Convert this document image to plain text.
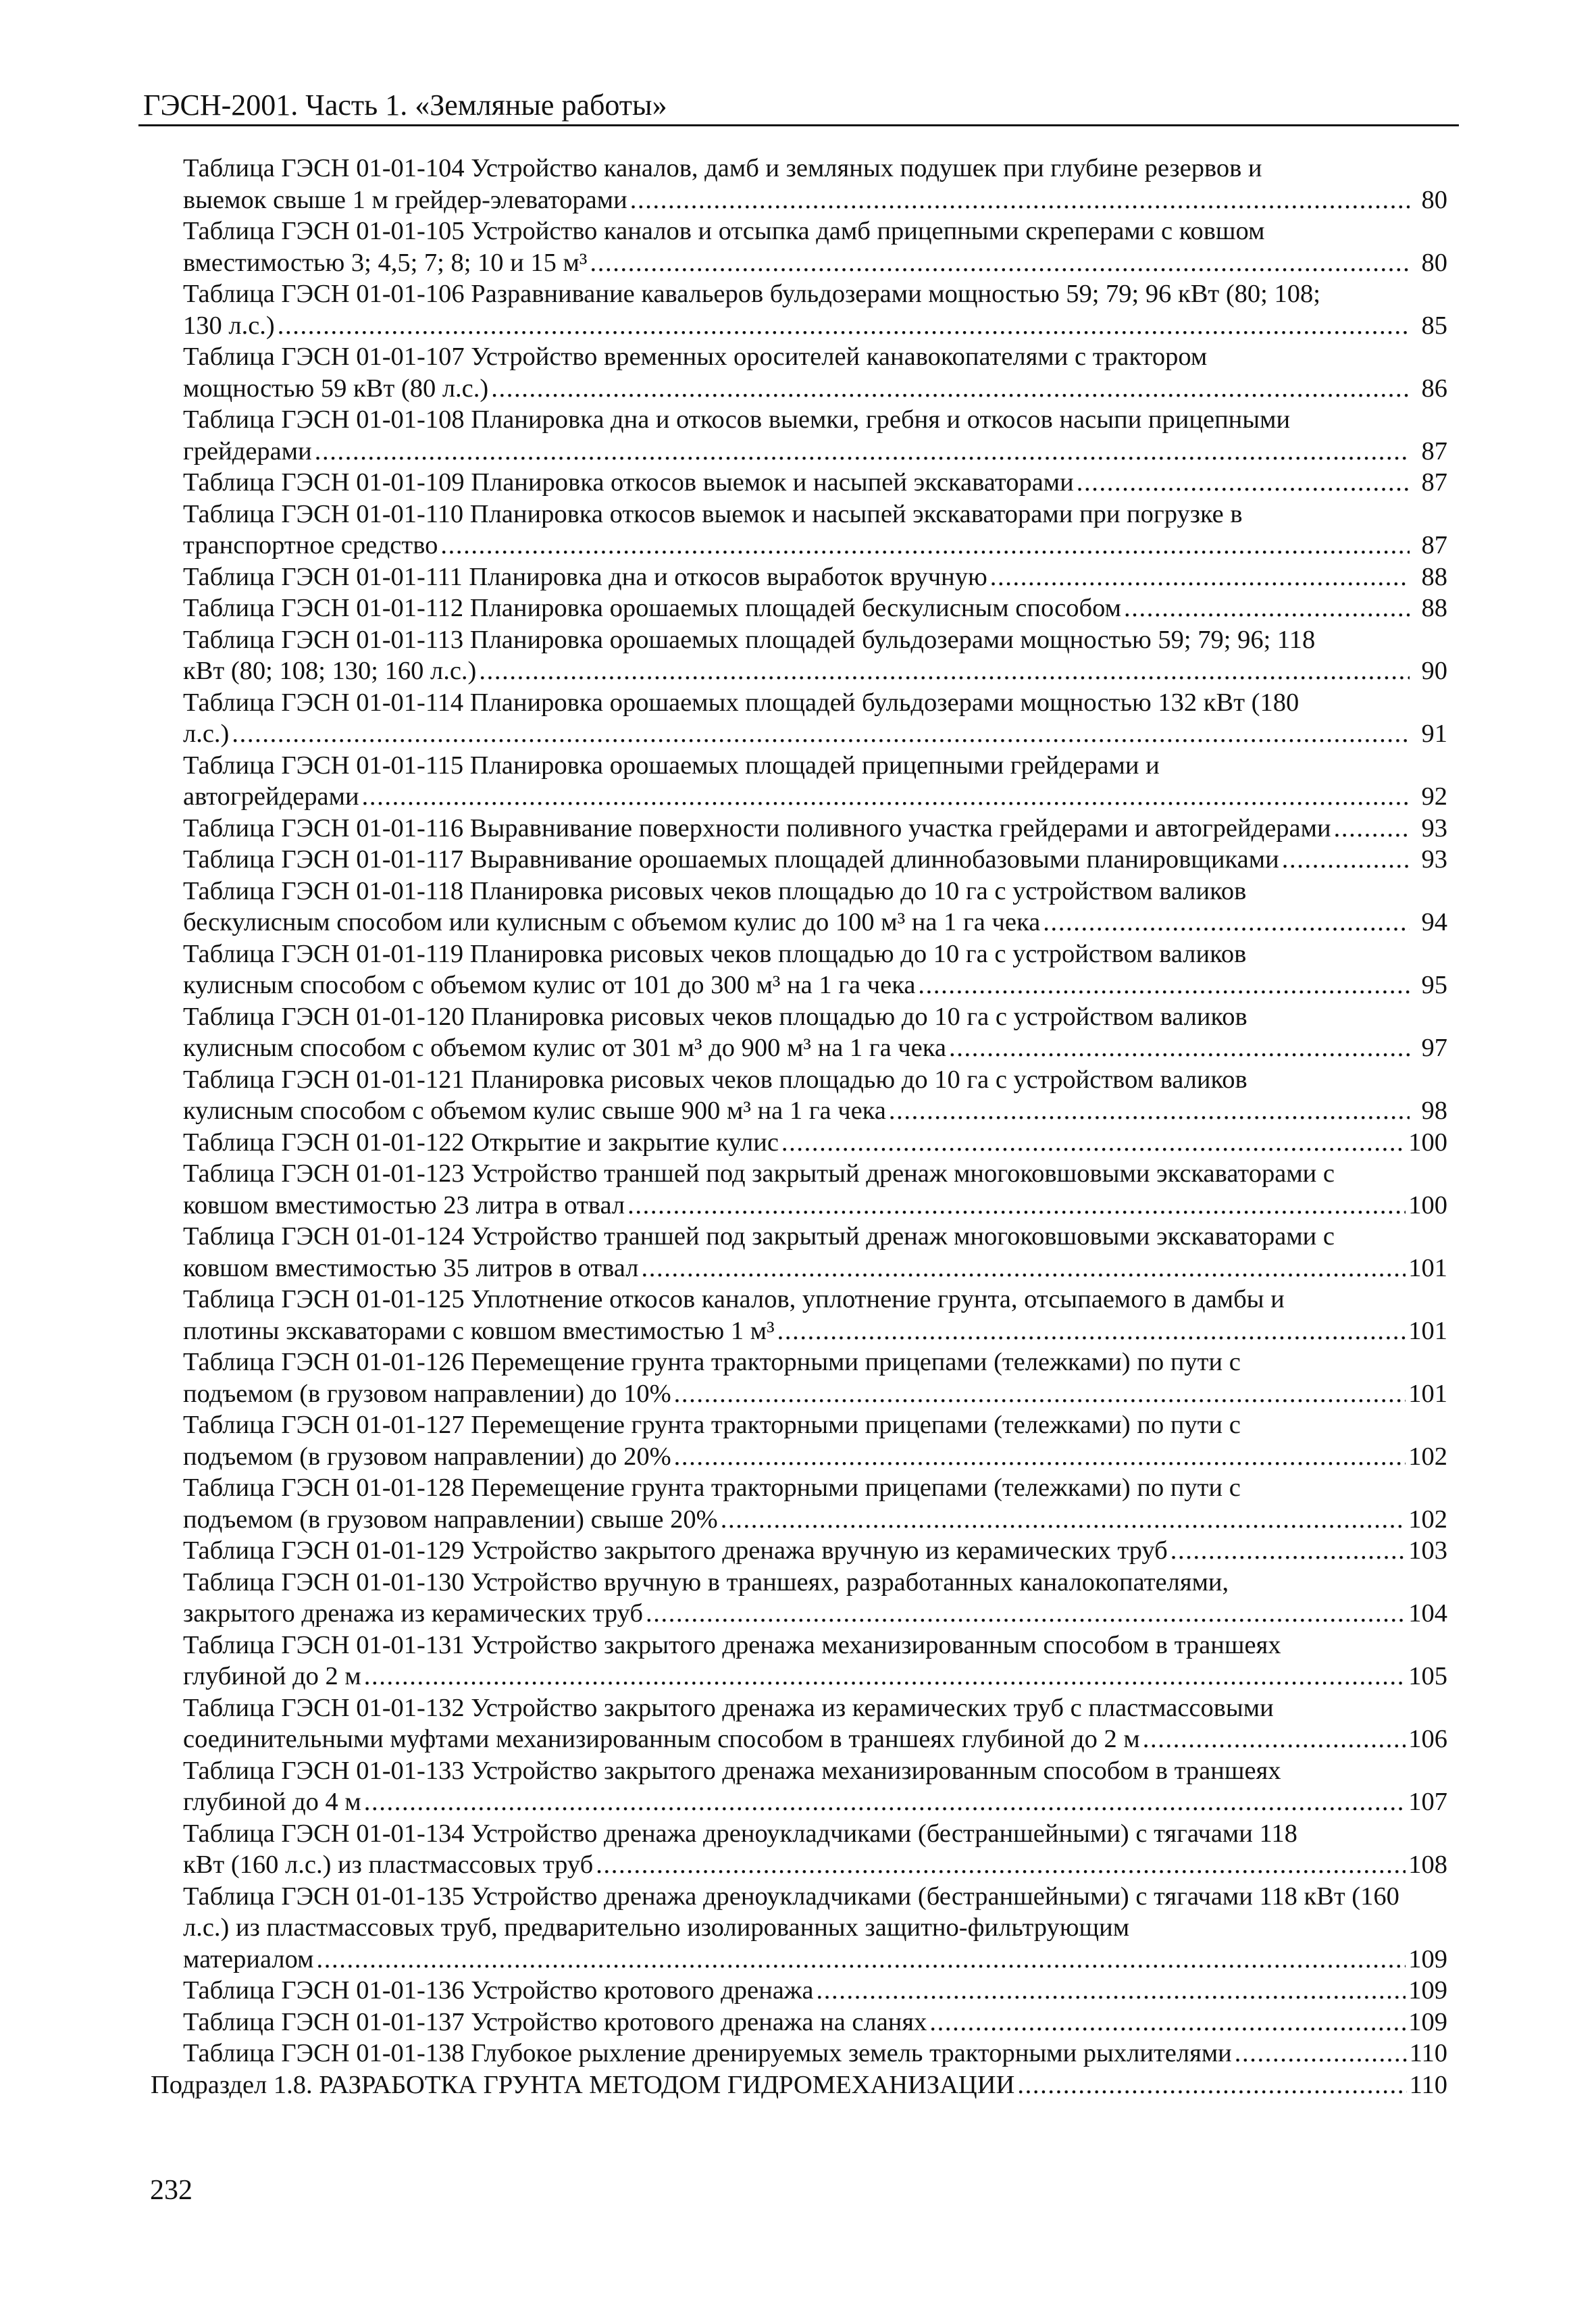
ГЭСН-2001. Часть 1. «Земляные работы»
Таблица ГЭСН 01-01-104 Устройство каналов, дамб и земляных подушек при глубине резервов и
выемок свыше 1 м грейдер-элеваторами . . .	80
Таблица ГЭСН 01-01-105 Устройство каналов и отсыпка дамб прицепными скреперами с ковшом
вместимостью 3; 4,5; 7; 8; 10 и 15 м³ . . .	80
Таблица ГЭСН 01-01-106 Разравнивание кавальеров бульдозерами мощностью 59; 79; 96 кВт (80; 108;
130 л.с.) . . .	85
Таблица ГЭСН 01-01-107 Устройство временных оросителей канавокопателями с трактором
мощностью 59 кВт (80 л.с.) . . .	86
Таблица ГЭСН 01-01-108 Планировка дна и откосов выемки, гребня и откосов насыпи прицепными
грейдерами . . .	87
Таблица ГЭСН 01-01-109 Планировка откосов выемок и насыпей экскаваторами . . .	87
Таблица ГЭСН 01-01-110 Планировка откосов выемок и насыпей экскаваторами при погрузке в
транспортное средство . . .	87
Таблица ГЭСН 01-01-111 Планировка дна и откосов выработок вручную . . .	88
Таблица ГЭСН 01-01-112 Планировка орошаемых площадей бескулисным способом . . .	88
Таблица ГЭСН 01-01-113 Планировка орошаемых площадей бульдозерами мощностью 59; 79; 96; 118
кВт (80; 108; 130; 160 л.с.) . . .	90
Таблица ГЭСН 01-01-114 Планировка орошаемых площадей бульдозерами мощностью 132 кВт (180
л.с.) . . .	91
Таблица ГЭСН 01-01-115 Планировка орошаемых площадей прицепными грейдерами и
автогрейдерами . . .	92
Таблица ГЭСН 01-01-116 Выравнивание поверхности поливного участка грейдерами и автогрейдерами . . .	93
Таблица ГЭСН 01-01-117 Выравнивание орошаемых площадей длиннобазовыми планировщиками . . .	93
Таблица ГЭСН 01-01-118 Планировка рисовых чеков площадью до 10 га с устройством валиков
бескулисным способом или кулисным с объемом кулис до 100 м³ на 1 га чека . . .	94
Таблица ГЭСН 01-01-119 Планировка рисовых чеков площадью до 10 га с устройством валиков
кулисным способом с объемом кулис от 101 до 300 м³ на 1 га чека . . .	95
Таблица ГЭСН 01-01-120 Планировка рисовых чеков площадью до 10 га с устройством валиков
кулисным способом с объемом кулис от 301 м³ до 900 м³ на 1 га чека . . .	97
Таблица ГЭСН 01-01-121 Планировка рисовых чеков площадью до 10 га с устройством валиков
кулисным способом с объемом кулис свыше 900 м³ на 1 га чека . . .	98
Таблица ГЭСН 01-01-122 Открытие и закрытие кулис . . .	100
Таблица ГЭСН 01-01-123 Устройство траншей под закрытый дренаж многоковшовыми экскаваторами с
ковшом вместимостью 23 литра в отвал . . .	100
Таблица ГЭСН 01-01-124 Устройство траншей под закрытый дренаж многоковшовыми экскаваторами с
ковшом вместимостью 35 литров в отвал . . .	101
Таблица ГЭСН 01-01-125 Уплотнение откосов каналов, уплотнение грунта, отсыпаемого в дамбы и
плотины экскаваторами с ковшом вместимостью 1 м³ . . .	101
Таблица ГЭСН 01-01-126 Перемещение грунта тракторными прицепами (тележками) по пути с
подъемом (в грузовом направлении) до 10% . . .	101
Таблица ГЭСН 01-01-127 Перемещение грунта тракторными прицепами (тележками) по пути с
подъемом (в грузовом направлении) до 20% . . .	102
Таблица ГЭСН 01-01-128 Перемещение грунта тракторными прицепами (тележками) по пути с
подъемом (в грузовом направлении) свыше 20% . . .	102
Таблица ГЭСН 01-01-129 Устройство закрытого дренажа вручную из керамических труб . . .	103
Таблица ГЭСН 01-01-130 Устройство вручную в траншеях, разработанных каналокопателями,
закрытого дренажа из керамических труб . . .	104
Таблица ГЭСН 01-01-131 Устройство закрытого дренажа механизированным способом в траншеях
глубиной до 2 м . . .	105
Таблица ГЭСН 01-01-132 Устройство закрытого дренажа из керамических труб с пластмассовыми
соединительными муфтами механизированным способом в траншеях глубиной до 2 м . . .	106
Таблица ГЭСН 01-01-133 Устройство закрытого дренажа механизированным способом в траншеях
глубиной до 4 м . . .	107
Таблица ГЭСН 01-01-134 Устройство дренажа дреноукладчиками (бестраншейными) с тягачами 118
кВт (160 л.с.) из пластмассовых труб . . .	108
Таблица ГЭСН 01-01-135 Устройство дренажа дреноукладчиками (бестраншейными) с тягачами 118 кВт (160 л.с.) из пластмассовых труб, предварительно изолированных защитно-фильтрующим
материалом . . .	109
Таблица ГЭСН 01-01-136 Устройство кротового дренажа . . .	109
Таблица ГЭСН 01-01-137 Устройство кротового дренажа на сланях . . .	109
Таблица ГЭСН 01-01-138 Глубокое рыхление дренируемых земель тракторными рыхлителями . . .	110
Подраздел 1.8. РАЗРАБОТКА ГРУНТА МЕТОДОМ ГИДРОМЕХАНИЗАЦИИ . . .	110
232
